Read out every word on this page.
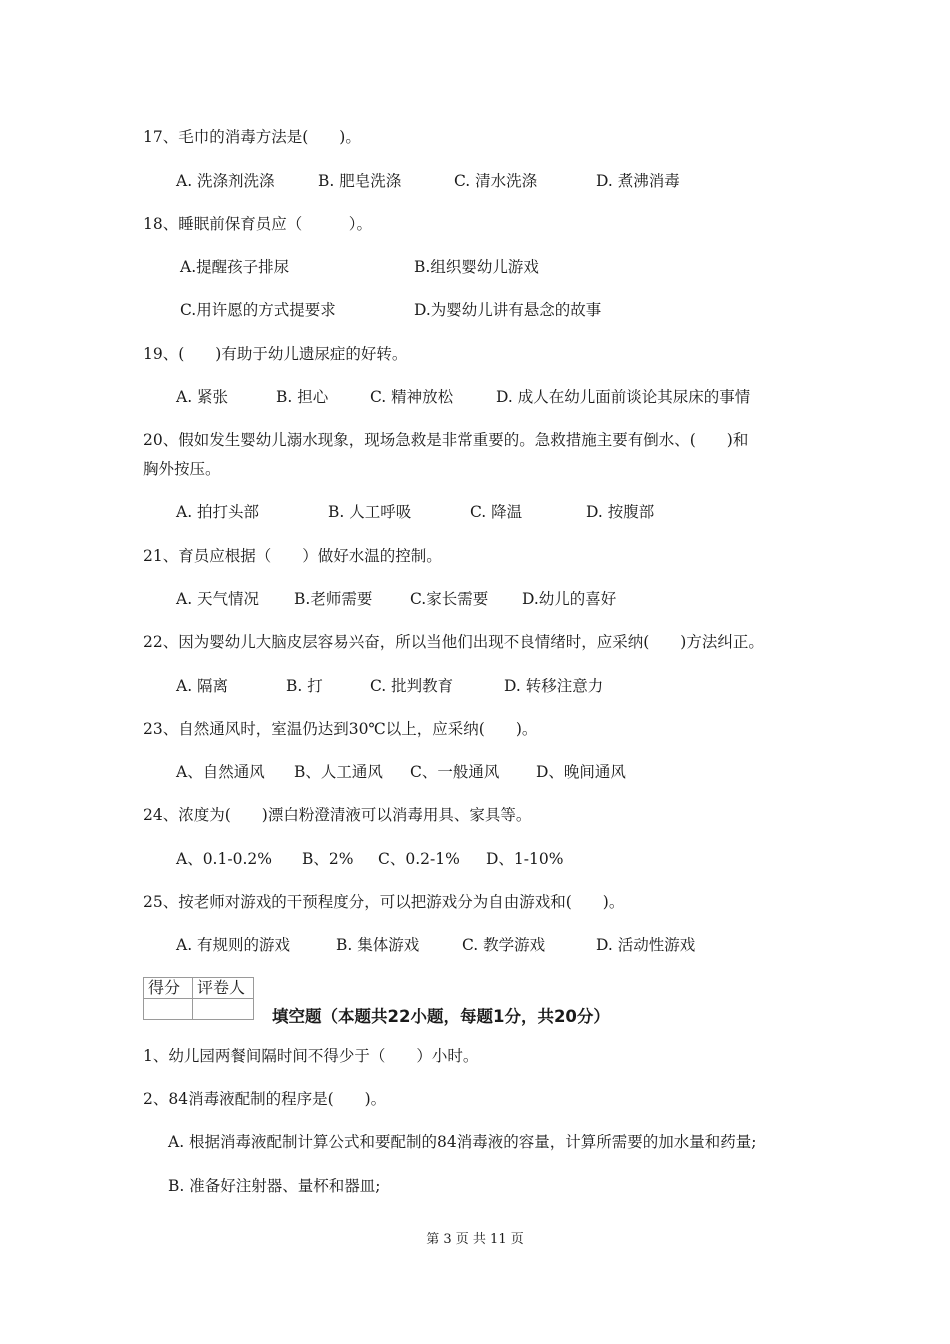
17、毛巾的消毒方法是(　　)。
A. 洗涤剂洗涤	B. 肥皂洗涤	C. 清水洗涤	D. 煮沸消毒
18、睡眠前保育员应（　　　）。
A.提醒孩子排尿	B.组织婴幼儿游戏
C.用许愿的方式提要求	D.为婴幼儿讲有悬念的故事
19、(　　)有助于幼儿遗尿症的好转。
A. 紧张	B. 担心	C. 精神放松	D. 成人在幼儿面前谈论其尿床的事情
20、假如发生婴幼儿溺水现象，现场急救是非常重要的。急救措施主要有倒水、(　　)和
胸外按压。
A. 拍打头部	B. 人工呼吸	C. 降温	D. 按腹部
21、育员应根据（　　）做好水温的控制。
A. 天气情况 B.老师需要 C.家长需要 D.幼儿的喜好
22、因为婴幼儿大脑皮层容易兴奋，所以当他们出现不良情绪时，应采纳(　　)方法纠正。
A. 隔离	B. 打	C. 批判教育	D. 转移注意力
23、自然通风时，室温仍达到30℃以上，应采纳(　　)。
A、自然通风 B、人工通风 C、一般通风 D、晚间通风
24、浓度为(　　)漂白粉澄清液可以消毒用具、家具等。
A、0.1-0.2% B、2% C、0.2-1% D、1-10%
25、按老师对游戏的干预程度分，可以把游戏分为自由游戏和(　　)。
A. 有规则的游戏	B. 集体游戏	C. 教学游戏	D. 活动性游戏
得分	评卷人

填空题（本题共22小题，每题1分，共20分）
1、幼儿园两餐间隔时间不得少于（　　）小时。
2、84消毒液配制的程序是(　　)。
A. 根据消毒液配制计算公式和要配制的84消毒液的容量，计算所需要的加水量和药量;
B. 准备好注射器、量杯和器皿;
第 3 页 共 11 页
